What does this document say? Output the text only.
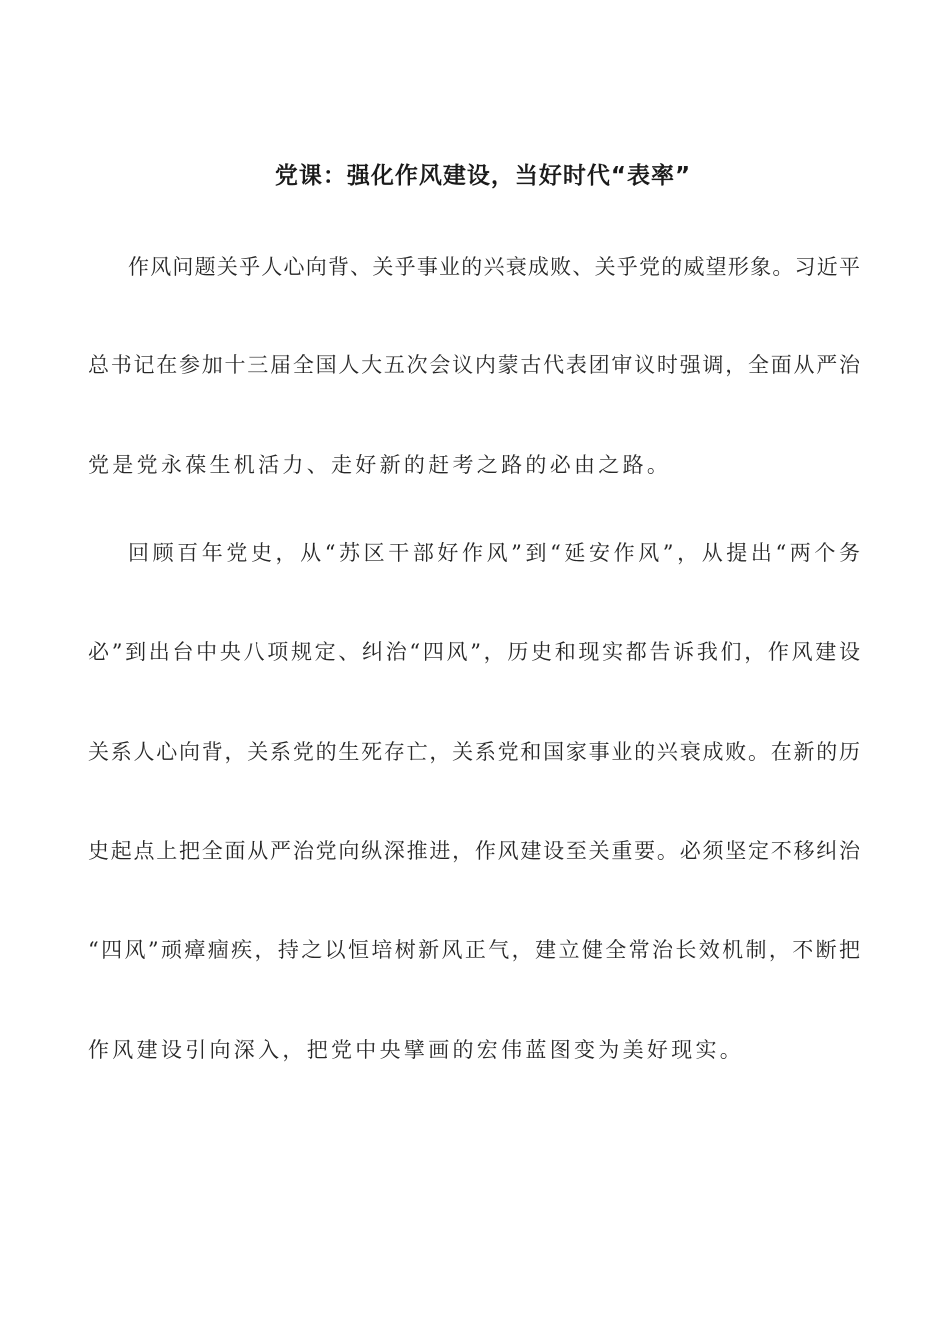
党课：强化作风建设，当好时代“表率”
作风问题关乎人心向背、关乎事业的兴衰成败、关乎党的威望形象。习近平
总书记在参加十三届全国人大五次会议内蒙古代表团审议时强调，全面从严治
党是党永葆生机活力、走好新的赶考之路的必由之路。
回顾百年党史，从“苏区干部好作风”到“延安作风”，从提出“两个务
必”到出台中央八项规定、纠治“四风”，历史和现实都告诉我们，作风建设
关系人心向背，关系党的生死存亡，关系党和国家事业的兴衰成败。在新的历
史起点上把全面从严治党向纵深推进，作风建设至关重要。必须坚定不移纠治
“四风”顽瘴痼疾，持之以恒培树新风正气，建立健全常治长效机制，不断把
作风建设引向深入，把党中央擘画的宏伟蓝图变为美好现实。
